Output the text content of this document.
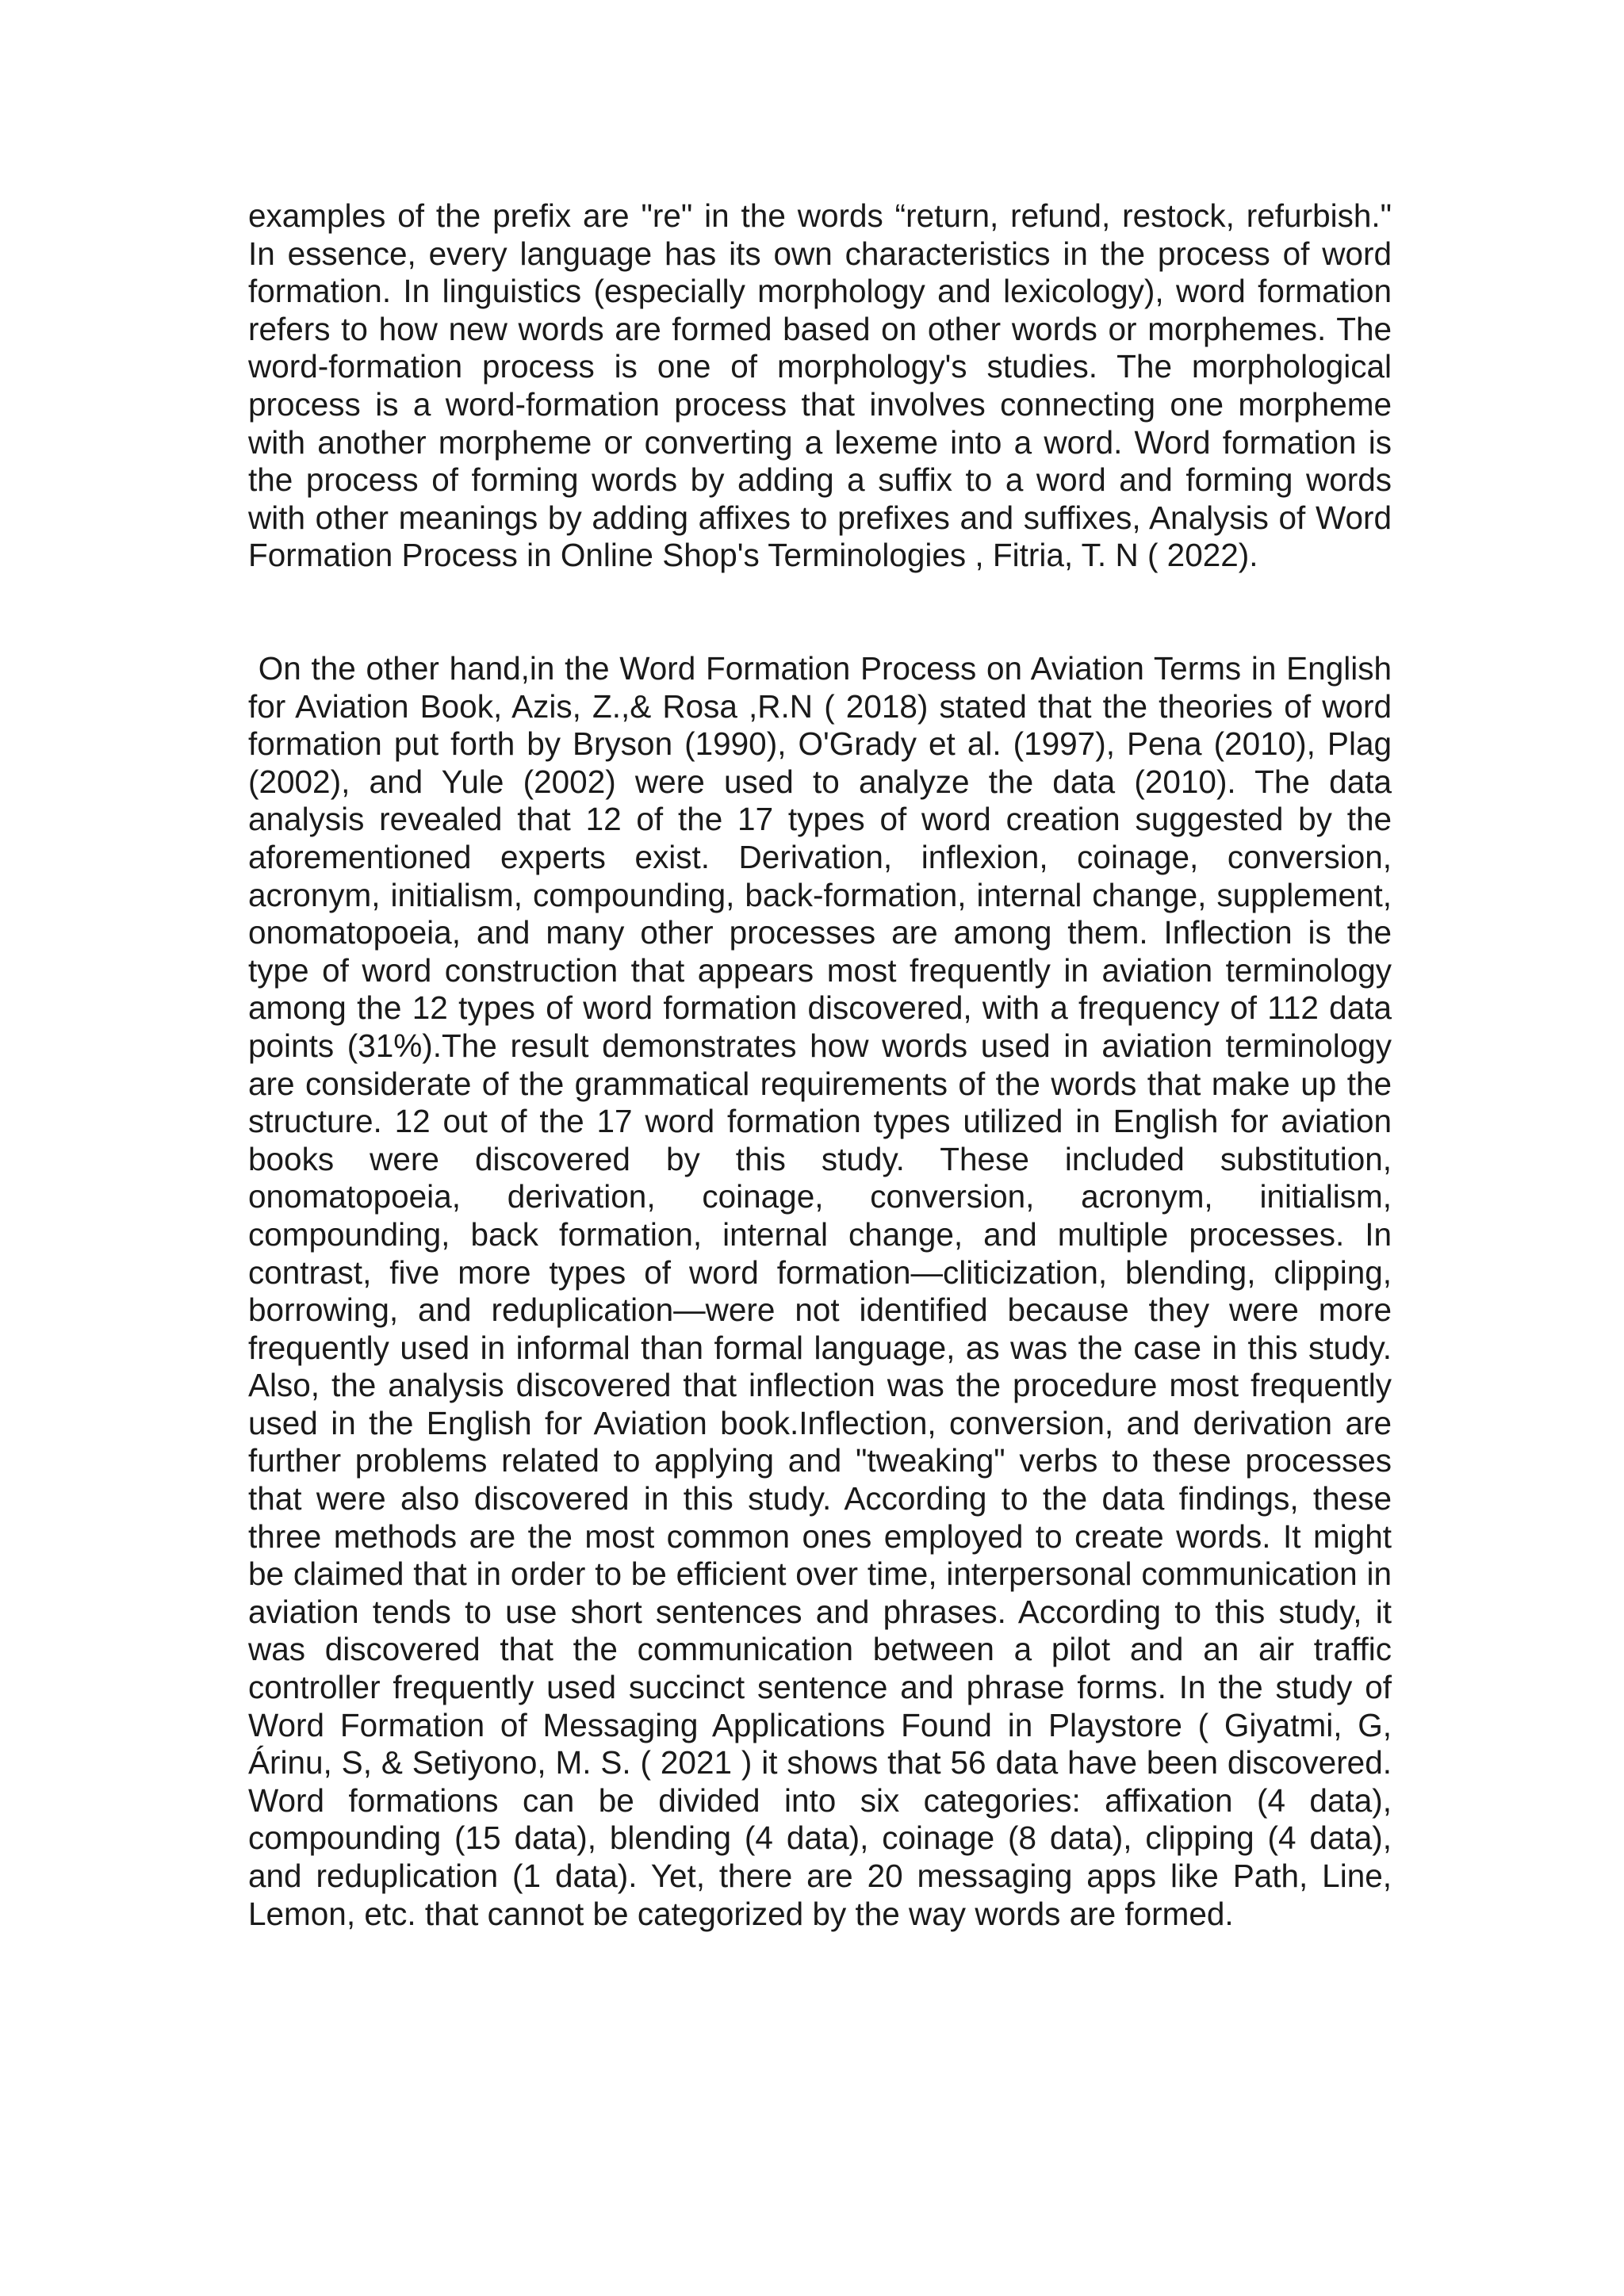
examples of the prefix are "re" in the words “return, refund, restock, refurbish." In essence, every language has its own characteristics in the process of word formation. In linguistics (especially morphology and lexicology), word formation refers to how new words are formed based on other words or morphemes. The word-formation process is one of morphology's studies. The morphological process is a word-formation process that involves connecting one morpheme with another morpheme or converting a lexeme into a word. Word formation is the process of forming words by adding a suffix to a word and forming words with other meanings by adding affixes to prefixes and suffixes, Analysis of Word Formation Process in Online Shop's Terminologies , Fitria, T. N ( 2022).

On the other hand,in the Word Formation Process on Aviation Terms in English for Aviation Book, Azis, Z.,& Rosa ,R.N ( 2018) stated that the theories of word formation put forth by Bryson (1990), O'Grady et al. (1997), Pena (2010), Plag (2002), and Yule (2002) were used to analyze the data (2010). The data analysis revealed that 12 of the 17 types of word creation suggested by the aforementioned experts exist. Derivation, inflexion, coinage, conversion, acronym, initialism, compounding, back-formation, internal change, supplement, onomatopoeia, and many other processes are among them. Inflection is the type of word construction that appears most frequently in aviation terminology among the 12 types of word formation discovered, with a frequency of 112 data points (31%).The result demonstrates how words used in aviation terminology are considerate of the grammatical requirements of the words that make up the structure. 12 out of the 17 word formation types utilized in English for aviation books were discovered by this study. These included substitution, onomatopoeia, derivation, coinage, conversion, acronym, initialism, compounding, back formation, internal change, and multiple processes. In contrast, five more types of word formation—cliticization, blending, clipping, borrowing, and reduplication—were not identified because they were more frequently used in informal than formal language, as was the case in this study. Also, the analysis discovered that inflection was the procedure most frequently used in the English for Aviation book.Inflection, conversion, and derivation are further problems related to applying and "tweaking" verbs to these processes that were also discovered in this study. According to the data findings, these three methods are the most common ones employed to create words. It might be claimed that in order to be efficient over time, interpersonal communication in aviation tends to use short sentences and phrases. According to this study, it was discovered that the communication between a pilot and an air traffic controller frequently used succinct sentence and phrase forms. In the study of Word Formation of Messaging Applications Found in Playstore ( Giyatmi, G, Árinu, S, & Setiyono, M. S. ( 2021 ) it shows that 56 data have been discovered. Word formations can be divided into six categories: affixation (4 data), compounding (15 data), blending (4 data), coinage (8 data), clipping (4 data), and reduplication (1 data). Yet, there are 20 messaging apps like Path, Line, Lemon, etc. that cannot be categorized by the way words are formed.
